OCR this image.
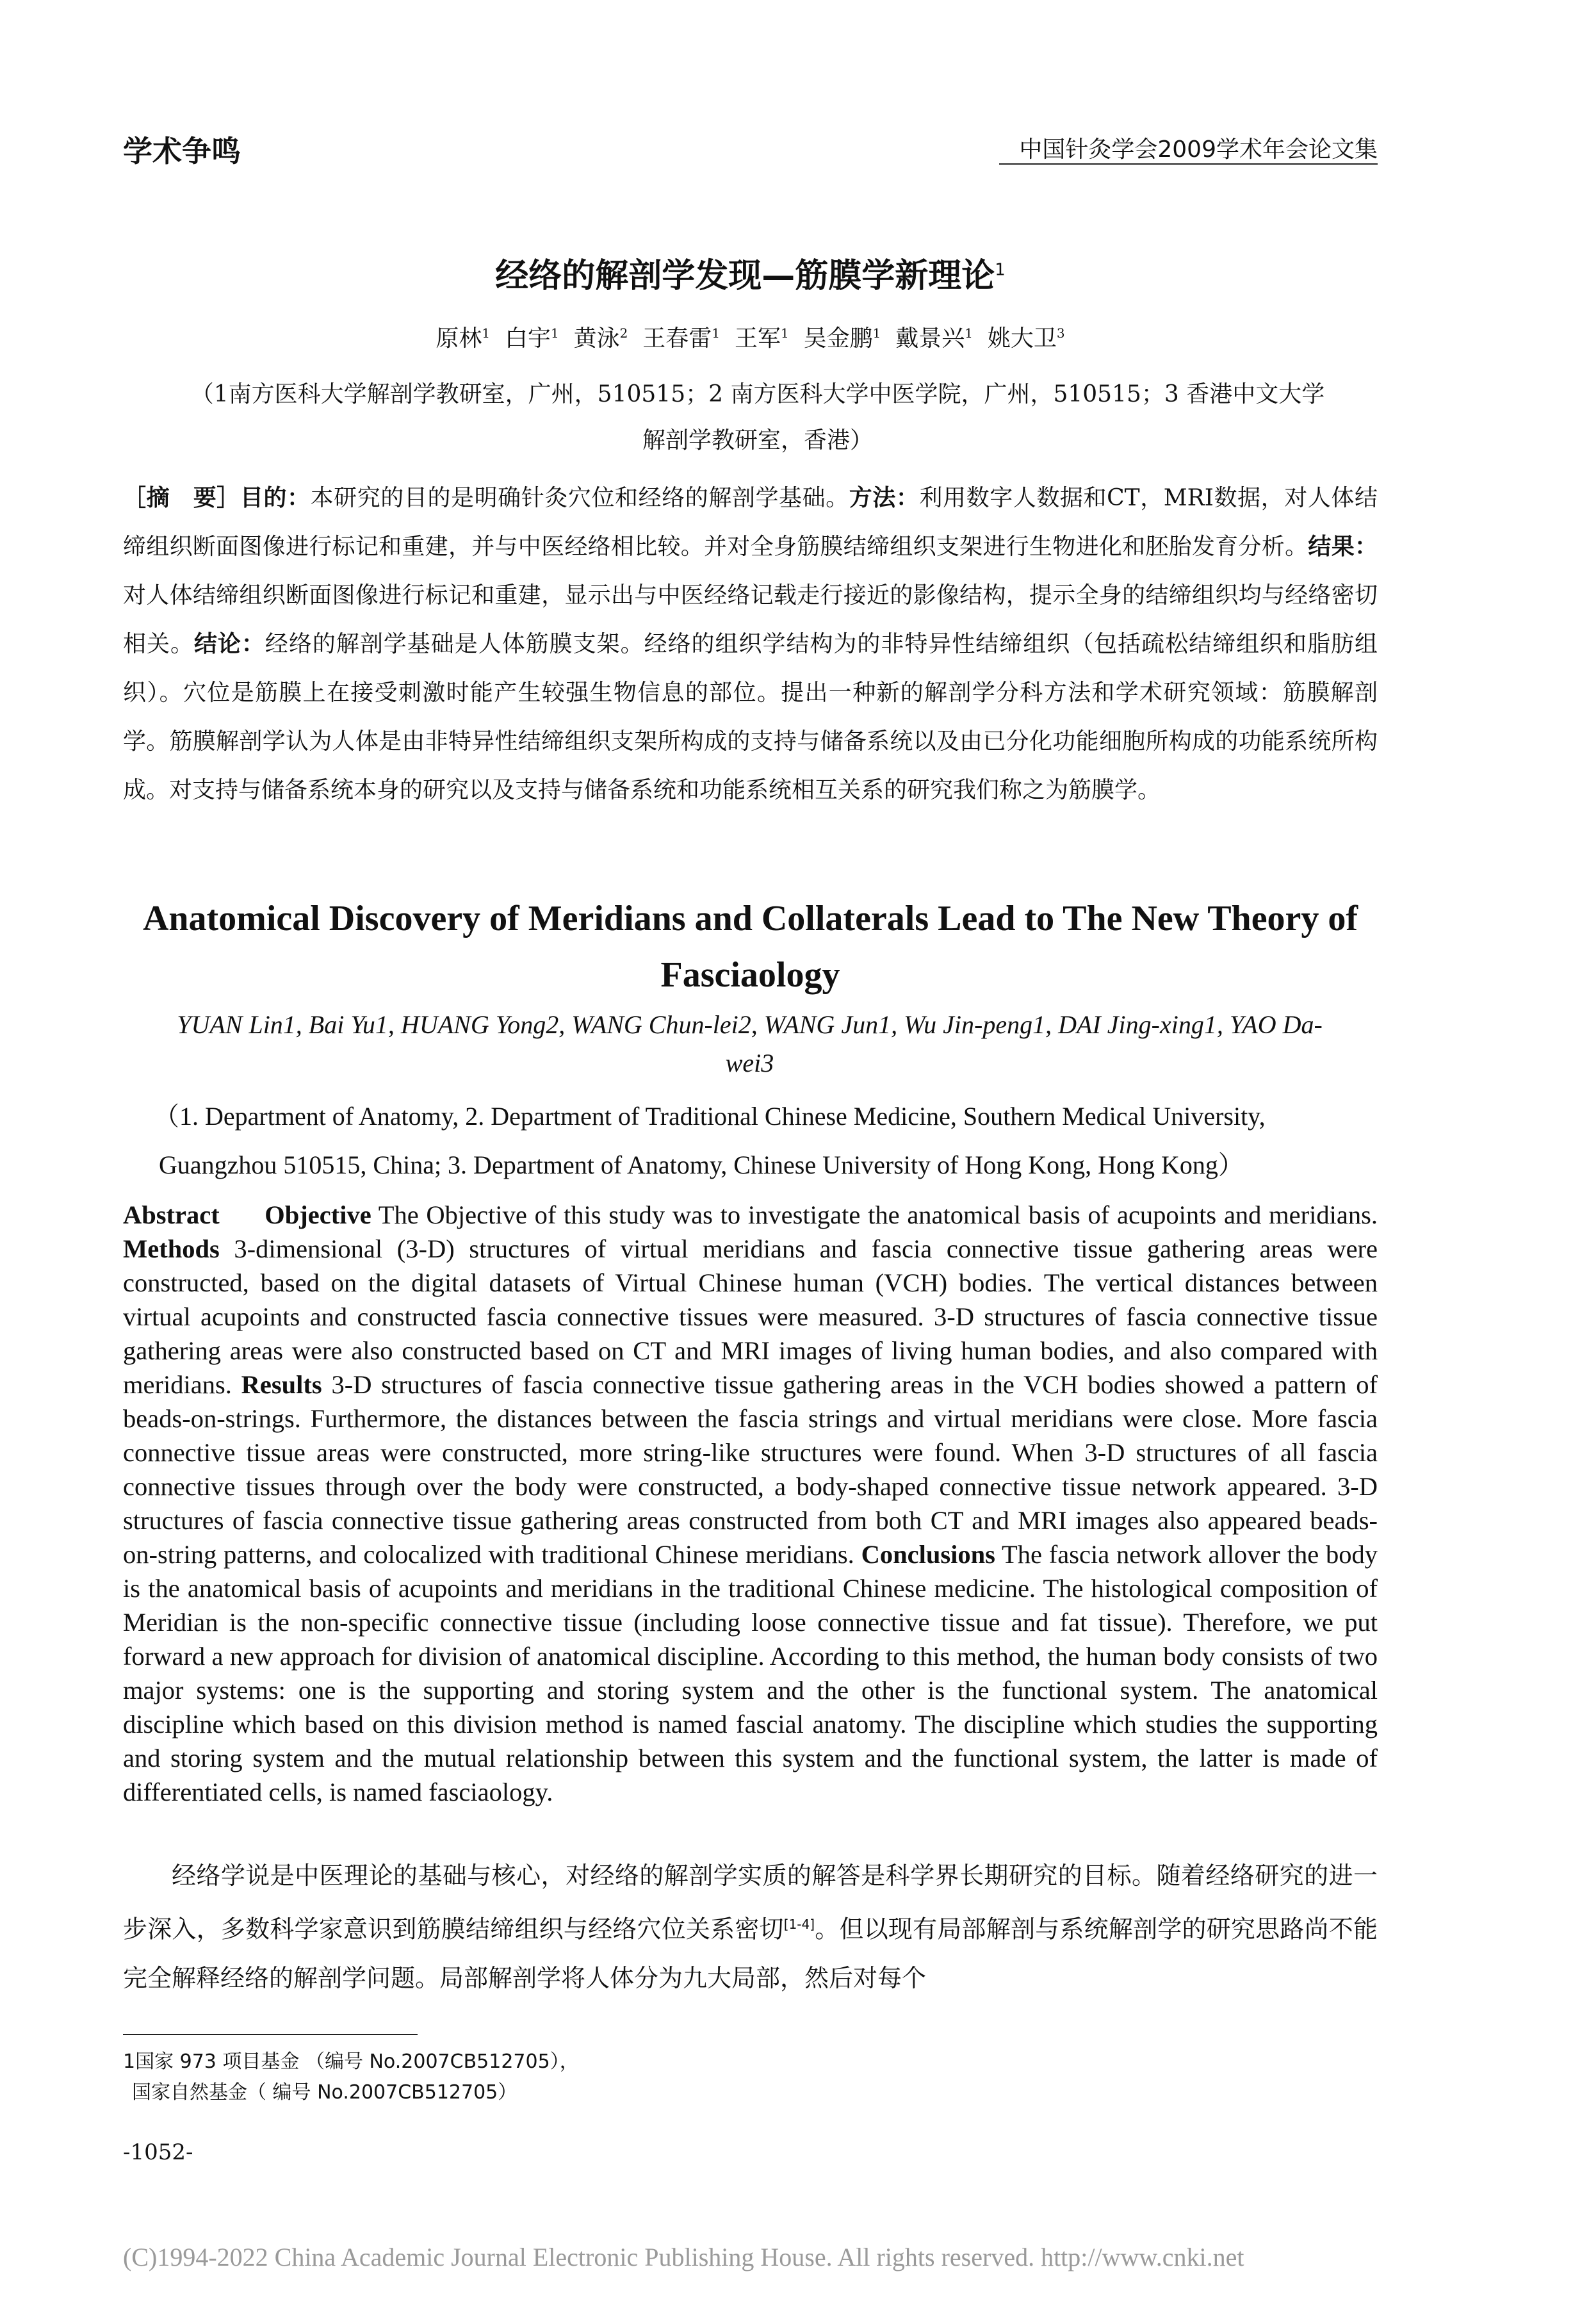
学术争鸣	中国针灸学会2009学术年会论文集
经络的解剖学发现—筋膜学新理论$^1$
原林$^1$ 白宇$^1$ 黄泳$^2$ 王春雷$^1$ 王军$^1$ 吴金鹏$^1$ 戴景兴$^1$ 姚大卫$^3$
（1南方医科大学解剖学教研室，广州，510515；2 南方医科大学中医学院，广州，510515；3 香港中文大学
解剖学教研室，香港）
［摘　要］目的：本研究的目的是明确针灸穴位和经络的解剖学基础。方法：利用数字人数据和CT，MRI数据，对人体结缔组织断面图像进行标记和重建，并与中医经络相比较。并对全身筋膜结缔组织支架进行生物进化和胚胎发育分析。结果：对人体结缔组织断面图像进行标记和重建，显示出与中医经络记载走行接近的影像结构，提示全身的结缔组织均与经络密切相关。结论：经络的解剖学基础是人体筋膜支架。经络的组织学结构为的非特异性结缔组织（包括疏松结缔组织和脂肪组织）。穴位是筋膜上在接受刺激时能产生较强生物信息的部位。提出一种新的解剖学分科方法和学术研究领域：筋膜解剖学。筋膜解剖学认为人体是由非特异性结缔组织支架所构成的支持与储备系统以及由已分化功能细胞所构成的功能系统所构成。对支持与储备系统本身的研究以及支持与储备系统和功能系统相互关系的研究我们称之为筋膜学。
Anatomical Discovery of Meridians and Collaterals Lead to The New Theory of Fasciaology
YUAN Lin1, Bai Yu1, HUANG Yong2, WANG Chun-lei2, WANG Jun1, Wu Jin-peng1, DAI Jing-xing1, YAO Da-wei3
（1. Department of Anatomy, 2. Department of Traditional Chinese Medicine, Southern Medical University,
Guangzhou 510515, China; 3. Department of Anatomy, Chinese University of Hong Kong, Hong Kong）
Abstract Objective The Objective of this study was to investigate the anatomical basis of acupoints and meridians. Methods 3-dimensional (3-D) structures of virtual meridians and fascia connective tissue gathering areas were constructed, based on the digital datasets of Virtual Chinese human (VCH) bodies. The vertical distances between virtual acupoints and constructed fascia connective tissues were measured. 3-D structures of fascia connective tissue gathering areas were also constructed based on CT and MRI images of living human bodies, and also compared with meridians. Results 3-D structures of fascia connective tissue gathering areas in the VCH bodies showed a pattern of beads-on-strings. Furthermore, the distances between the fascia strings and virtual meridians were close. More fascia connective tissue areas were constructed, more string-like structures were found. When 3-D structures of all fascia connective tissues through over the body were constructed, a body-shaped connective tissue network appeared. 3-D structures of fascia connective tissue gathering areas constructed from both CT and MRI images also appeared beads-on-string patterns, and colocalized with traditional Chinese meridians. Conclusions The fascia network allover the body is the anatomical basis of acupoints and meridians in the traditional Chinese medicine. The histological composition of Meridian is the non-specific connective tissue (including loose connective tissue and fat tissue). Therefore, we put forward a new approach for division of anatomical discipline. According to this method, the human body consists of two major systems: one is the supporting and storing system and the other is the functional system. The anatomical discipline which based on this division method is named fascial anatomy. The discipline which studies the supporting and storing system and the mutual relationship between this system and the functional system, the latter is made of differentiated cells, is named fasciaology.
经络学说是中医理论的基础与核心，对经络的解剖学实质的解答是科学界长期研究的目标。随着经络研究的进一步深入，多数科学家意识到筋膜结缔组织与经络穴位关系密切[1-4]。但以现有局部解剖与系统解剖学的研究思路尚不能完全解释经络的解剖学问题。局部解剖学将人体分为九大局部，然后对每个
1国家 973 项目基金 （编号 No.2007CB512705），
国家自然基金（ 编号 No.2007CB512705）
-1052-
(C)1994-2022 China Academic Journal Electronic Publishing House. All rights reserved. http://www.cnki.net
